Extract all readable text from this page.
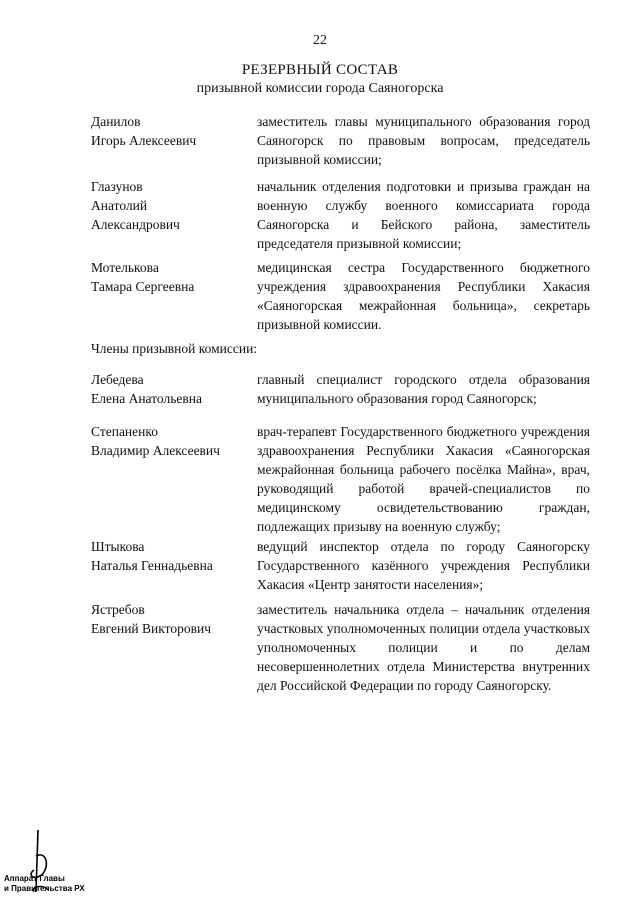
22
РЕЗЕРВНЫЙ СОСТАВ
призывной комиссии города Саяногорска
Данилов
Игорь Алексеевич
заместитель главы муниципального образования город Саяногорск по правовым вопросам, председатель призывной комиссии;
Глазунов
Анатолий
Александрович
начальник отделения подготовки и призыва граждан на военную службу военного комиссариата города Саяногорска и Бейского района, заместитель председателя призывной комиссии;
Мотелькова
Тамара Сергеевна
медицинская сестра Государственного бюджетного учреждения здравоохранения Республики Хакасия «Саяногорская межрайонная больница», секретарь призывной комиссии.
Члены призывной комиссии:
Лебедева
Елена Анатольевна
главный специалист городского отдела образования муниципального образования город Саяногорск;
Степаненко
Владимир Алексеевич
врач-терапевт Государственного бюджетного учреждения здравоохранения Республики Хакасия «Саяногорская межрайонная больница рабочего посёлка Майна», врач, руководящий работой врачей-специалистов по медицинскому освидетельствованию граждан, подлежащих призыву на военную службу;
Штыкова
Наталья Геннадьевна
ведущий инспектор отдела по городу Саяногорску Государственного казённого учреждения Республики Хакасия «Центр занятости населения»;
Ястребов
Евгений Викторович
заместитель начальника отдела – начальник отделения участковых уполномоченных полиции отдела участковых уполномоченных полиции и по делам несовершеннолетних отдела Министерства внутренних дел Российской Федерации по городу Саяногорску.
Аппарат Главы
и Правительства РХ
